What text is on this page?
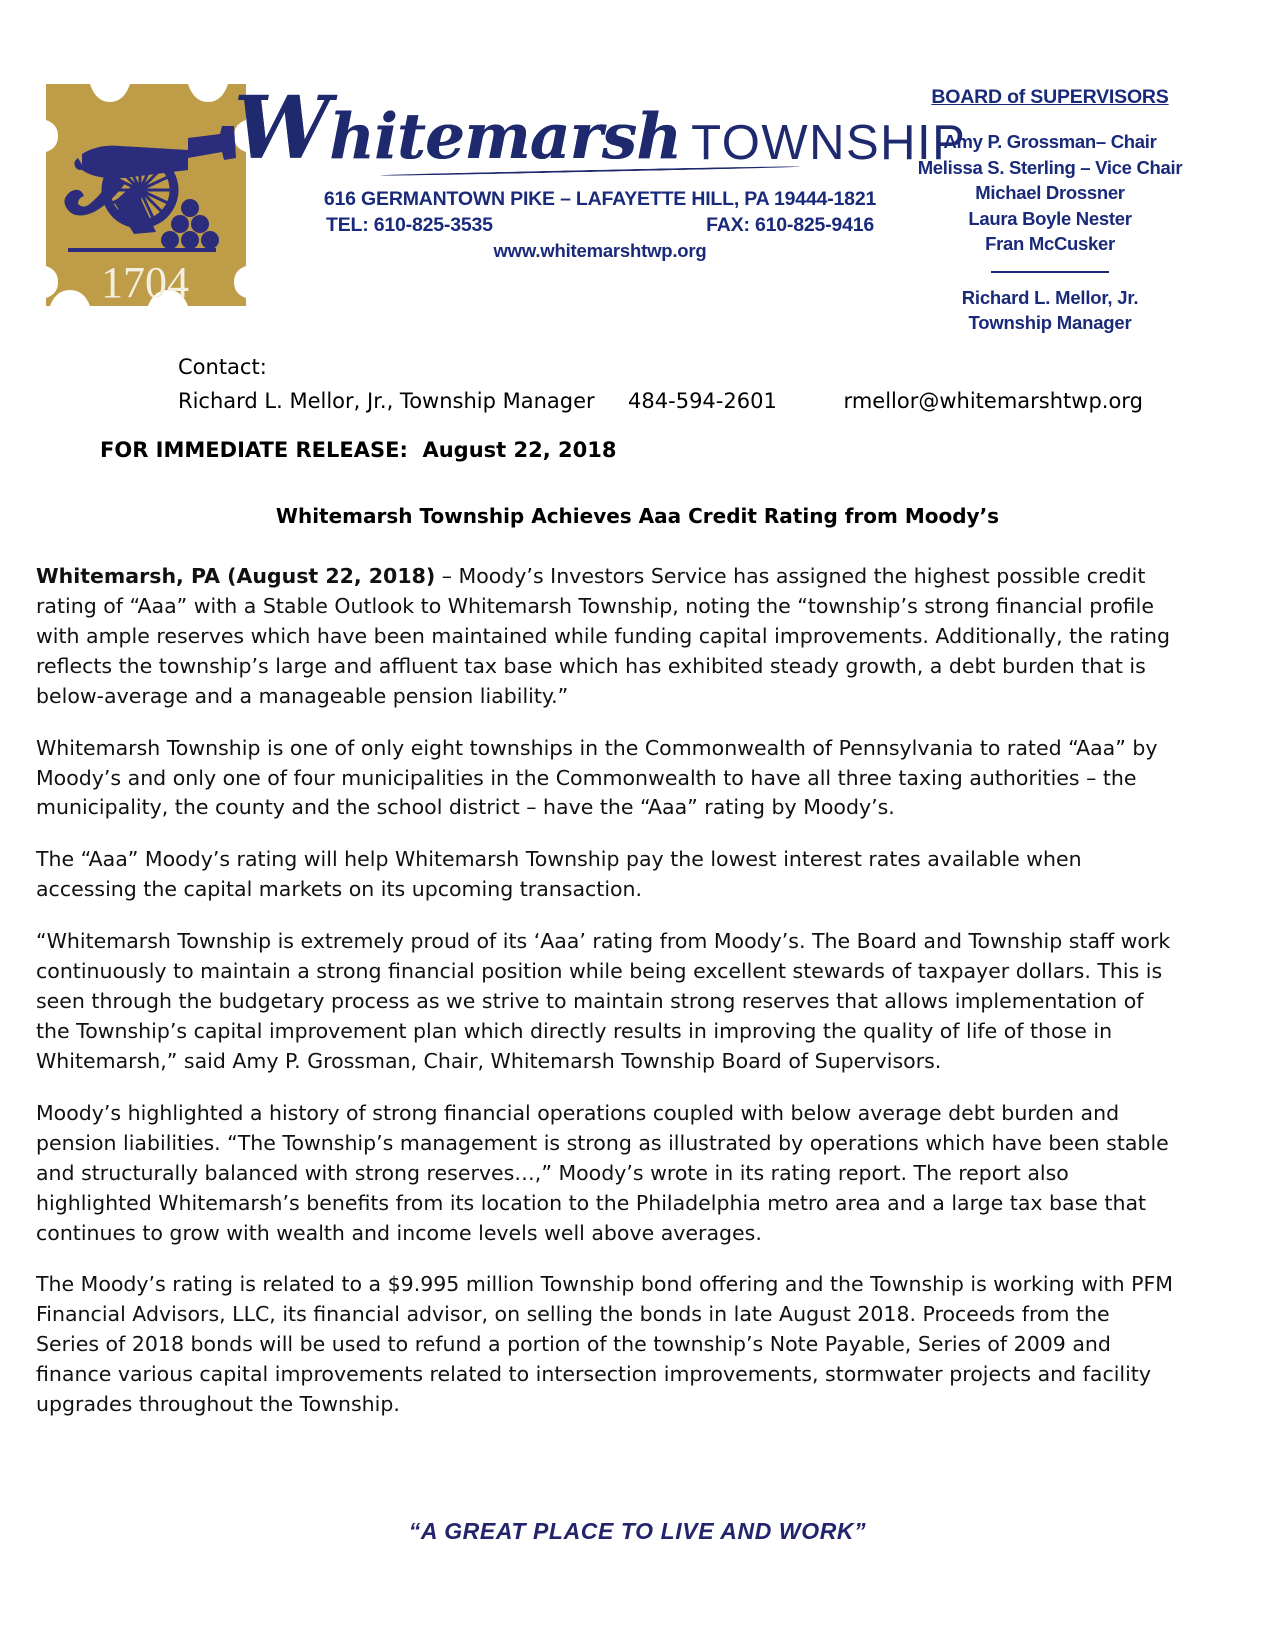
1704
Whitemarsh TOWNSHIP
616 GERMANTOWN PIKE – LAFAYETTE HILL, PA 19444-1821
TEL: 610-825-3535	FAX: 610-825-9416
www.whitemarshtwp.org
BOARD of SUPERVISORS
Amy P. Grossman– Chair
Melissa S. Sterling – Vice Chair
Michael Drossner
Laura Boyle Nester
Fran McCusker
Richard L. Mellor, Jr.
Township Manager
Contact:
Richard L. Mellor, Jr., Township Manager     484-594-2601          rmellor@whitemarshtwp.org
FOR IMMEDIATE RELEASE:  August 22, 2018
Whitemarsh Township Achieves Aaa Credit Rating from Moody’s

Whitemarsh, PA (August 22, 2018) – Moody’s Investors Service has assigned the highest possible credit rating of “Aaa” with a Stable Outlook to Whitemarsh Township, noting the “township’s strong financial profile with ample reserves which have been maintained while funding capital improvements. Additionally, the rating reflects the township’s large and affluent tax base which has exhibited steady growth, a debt burden that is below-average and a manageable pension liability.”

Whitemarsh Township is one of only eight townships in the Commonwealth of Pennsylvania to rated “Aaa” by Moody’s and only one of four municipalities in the Commonwealth to have all three taxing authorities – the municipality, the county and the school district – have the “Aaa” rating by Moody’s.

The “Aaa” Moody’s rating will help Whitemarsh Township pay the lowest interest rates available when accessing the capital markets on its upcoming transaction.

“Whitemarsh Township is extremely proud of its ‘Aaa’ rating from Moody’s. The Board and Township staff work continuously to maintain a strong financial position while being excellent stewards of taxpayer dollars. This is seen through the budgetary process as we strive to maintain strong reserves that allows implementation of the Township’s capital improvement plan which directly results in improving the quality of life of those in Whitemarsh,” said Amy P. Grossman, Chair, Whitemarsh Township Board of Supervisors.

Moody’s highlighted a history of strong financial operations coupled with below average debt burden and pension liabilities. “The Township’s management is strong as illustrated by operations which have been stable and structurally balanced with strong reserves…,” Moody’s wrote in its rating report. The report also highlighted Whitemarsh’s benefits from its location to the Philadelphia metro area and a large tax base that continues to grow with wealth and income levels well above averages.

The Moody’s rating is related to a $9.995 million Township bond offering and the Township is working with PFM Financial Advisors, LLC, its financial advisor, on selling the bonds in late August 2018. Proceeds from the Series of 2018 bonds will be used to refund a portion of the township’s Note Payable, Series of 2009 and finance various capital improvements related to intersection improvements, stormwater projects and facility upgrades throughout the Township.

“A GREAT PLACE TO LIVE AND WORK”
